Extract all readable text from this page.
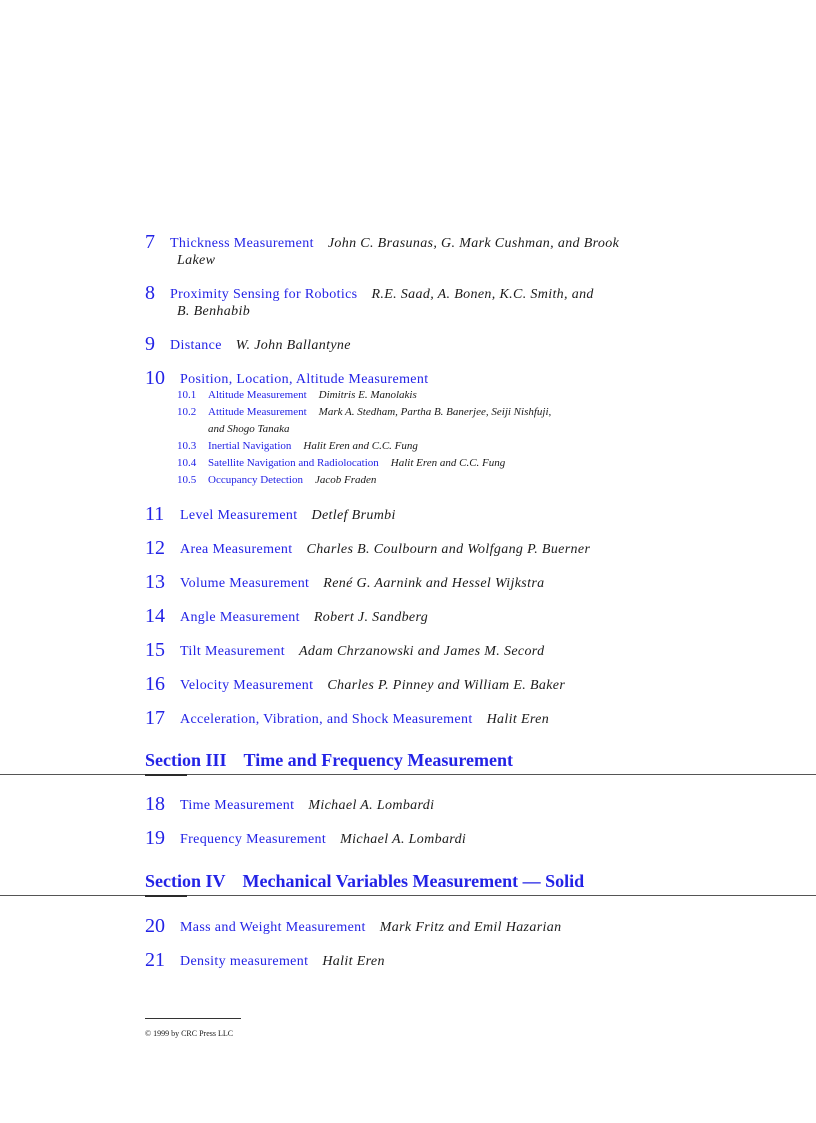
7 Thickness Measurement John C. Brasunas, G. Mark Cushman, and Brook
Lakew
8 Proximity Sensing for Robotics R.E. Saad, A. Bonen, K.C. Smith, and
B. Benhabib
9 Distance W. John Ballantyne
10 Position, Location, Altitude Measurement
10.1 Altitude Measurement Dimitris E. Manolakis
10.2 Attitude Measurement Mark A. Stedham, Partha B. Banerjee, Seiji Nishfuji,
and Shogo Tanaka
10.3 Inertial Navigation Halit Eren and C.C. Fung
10.4 Satellite Navigation and Radiolocation Halit Eren and C.C. Fung
10.5 Occupancy Detection Jacob Fraden
11 Level Measurement Detlef Brumbi
12 Area Measurement Charles B. Coulbourn and Wolfgang P. Buerner
13 Volume Measurement René G. Aarnink and Hessel Wijkstra
14 Angle Measurement Robert J. Sandberg
15 Tilt Measurement Adam Chrzanowski and James M. Secord
16 Velocity Measurement Charles P. Pinney and William E. Baker
17 Acceleration, Vibration, and Shock Measurement Halit Eren
Section III Time and Frequency Measurement
18 Time Measurement Michael A. Lombardi
19 Frequency Measurement Michael A. Lombardi
Section IV Mechanical Variables Measurement — Solid
20 Mass and Weight Measurement Mark Fritz and Emil Hazarian
21 Density measurement Halit Eren
© 1999 by CRC Press LLC
